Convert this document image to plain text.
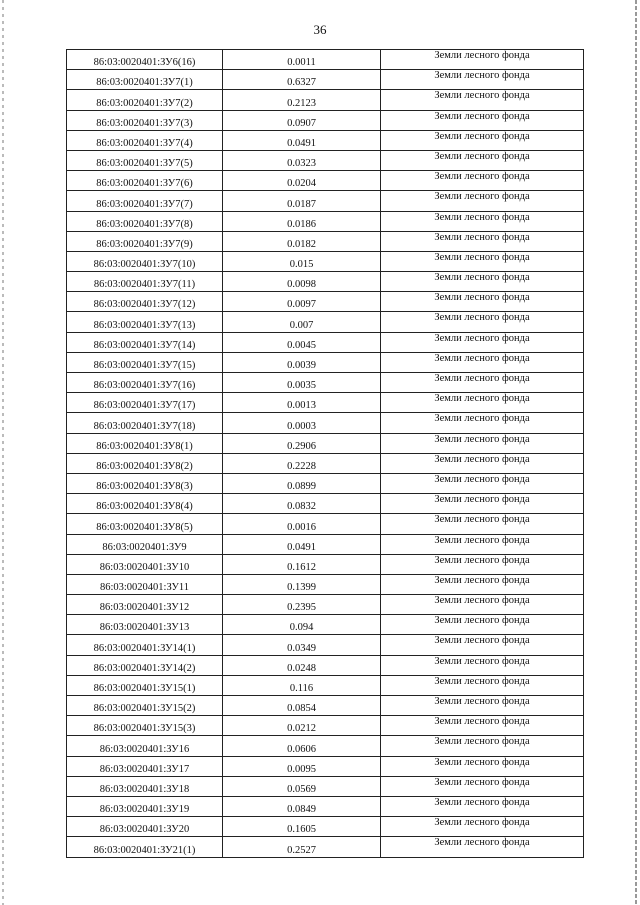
36
86:03:0020401:ЗУ6(16)	0.0011	Земли лесного фонда
86:03:0020401:ЗУ7(1)	0.6327	Земли лесного фонда
86:03:0020401:ЗУ7(2)	0.2123	Земли лесного фонда
86:03:0020401:ЗУ7(3)	0.0907	Земли лесного фонда
86:03:0020401:ЗУ7(4)	0.0491	Земли лесного фонда
86:03:0020401:ЗУ7(5)	0.0323	Земли лесного фонда
86:03:0020401:ЗУ7(6)	0.0204	Земли лесного фонда
86:03:0020401:ЗУ7(7)	0.0187	Земли лесного фонда
86:03:0020401:ЗУ7(8)	0.0186	Земли лесного фонда
86:03:0020401:ЗУ7(9)	0.0182	Земли лесного фонда
86:03:0020401:ЗУ7(10)	0.015	Земли лесного фонда
86:03:0020401:ЗУ7(11)	0.0098	Земли лесного фонда
86:03:0020401:ЗУ7(12)	0.0097	Земли лесного фонда
86:03:0020401:ЗУ7(13)	0.007	Земли лесного фонда
86:03:0020401:ЗУ7(14)	0.0045	Земли лесного фонда
86:03:0020401:ЗУ7(15)	0.0039	Земли лесного фонда
86:03:0020401:ЗУ7(16)	0.0035	Земли лесного фонда
86:03:0020401:ЗУ7(17)	0.0013	Земли лесного фонда
86:03:0020401:ЗУ7(18)	0.0003	Земли лесного фонда
86:03:0020401:ЗУ8(1)	0.2906	Земли лесного фонда
86:03:0020401:ЗУ8(2)	0.2228	Земли лесного фонда
86:03:0020401:ЗУ8(3)	0.0899	Земли лесного фонда
86:03:0020401:ЗУ8(4)	0.0832	Земли лесного фонда
86:03:0020401:ЗУ8(5)	0.0016	Земли лесного фонда
86:03:0020401:ЗУ9	0.0491	Земли лесного фонда
86:03:0020401:ЗУ10	0.1612	Земли лесного фонда
86:03:0020401:ЗУ11	0.1399	Земли лесного фонда
86:03:0020401:ЗУ12	0.2395	Земли лесного фонда
86:03:0020401:ЗУ13	0.094	Земли лесного фонда
86:03:0020401:ЗУ14(1)	0.0349	Земли лесного фонда
86:03:0020401:ЗУ14(2)	0.0248	Земли лесного фонда
86:03:0020401:ЗУ15(1)	0.116	Земли лесного фонда
86:03:0020401:ЗУ15(2)	0.0854	Земли лесного фонда
86:03:0020401:ЗУ15(3)	0.0212	Земли лесного фонда
86:03:0020401:ЗУ16	0.0606	Земли лесного фонда
86:03:0020401:ЗУ17	0.0095	Земли лесного фонда
86:03:0020401:ЗУ18	0.0569	Земли лесного фонда
86:03:0020401:ЗУ19	0.0849	Земли лесного фонда
86:03:0020401:ЗУ20	0.1605	Земли лесного фонда
86:03:0020401:ЗУ21(1)	0.2527	Земли лесного фонда
